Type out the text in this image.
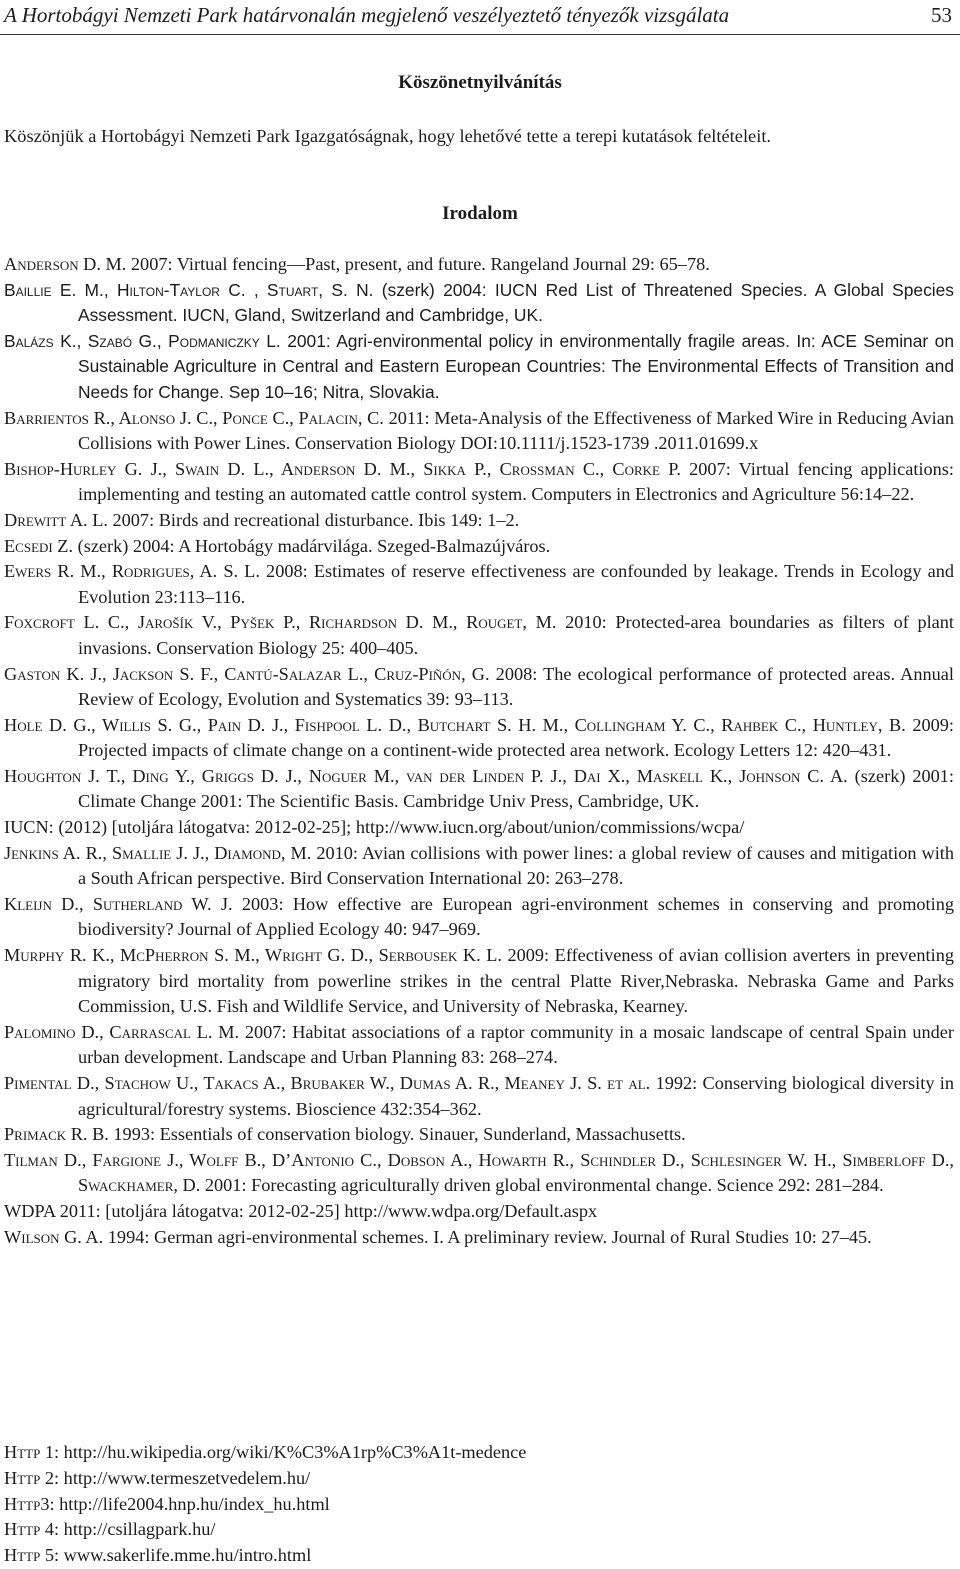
A Hortobágyi Nemzeti Park határvonalán megjelenő veszélyeztető tényezők vizsgálata	53
Köszönetnyilvánítás
Köszönjük a Hortobágyi Nemzeti Park Igazgatóságnak, hogy lehetővé tette a terepi kutatások feltételeit.
Irodalom

Anderson D. M. 2007: Virtual fencing—Past, present, and future. Rangeland Journal 29: 65–78.

Baillie E. M., Hilton-Taylor C. , Stuart, S. N. (szerk) 2004: IUCN Red List of Threatened Species. A Global Species Assessment. IUCN, Gland, Switzerland and Cambridge, UK.

Balázs K., Szabó G., Podmaniczky L. 2001: Agri-environmental policy in environmentally fragile areas. In: ACE Seminar on Sustainable Agriculture in Central and Eastern European Countries: The Environmental Effects of Transition and Needs for Change. Sep 10–16; Nitra, Slovakia.

Barrientos R., Alonso J. C., Ponce C., Palacin, C. 2011: Meta-Analysis of the Effectiveness of Marked Wire in Reducing Avian Collisions with Power Lines. Conservation Biology DOI:10.1111/j.1523-1739 .2011.01699.x

Bishop-Hurley G. J., Swain D. L., Anderson D. M., Sikka P., Crossman C., Corke P. 2007: Virtual fencing applications: implementing and testing an automated cattle control system. Computers in Electronics and Agriculture 56:14–22.

Drewitt A. L. 2007: Birds and recreational disturbance. Ibis 149: 1–2.

Ecsedi Z. (szerk) 2004: A Hortobágy madárvilága. Szeged-Balmazújváros.

Ewers R. M., Rodrigues, A. S. L. 2008: Estimates of reserve effectiveness are confounded by leakage. Trends in Ecology and Evolution 23:113–116.

Foxcroft L. C., Jarošík V., Pyšek P., Richardson D. M., Rouget, M. 2010: Protected-area boundaries as filters of plant invasions. Conservation Biology 25: 400–405.

Gaston K. J., Jackson S. F., Cantú-Salazar L., Cruz-Piñón, G. 2008: The ecological performance of protected areas. Annual Review of Ecology, Evolution and Systematics 39: 93–113.

Hole D. G., Willis S. G., Pain D. J., Fishpool L. D., Butchart S. H. M., Collingham Y. C., Rahbek C., Huntley, B. 2009: Projected impacts of climate change on a continent-wide protected area network. Ecology Letters 12: 420–431.

Houghton J. T., Ding Y., Griggs D. J., Noguer M., van der Linden P. J., Dai X., Maskell K., Johnson C. A. (szerk) 2001: Climate Change 2001: The Scientific Basis. Cambridge Univ Press, Cambridge, UK.

IUCN: (2012) [utoljára látogatva: 2012-02-25]; http://www.iucn.org/about/union/commissions/wcpa/

Jenkins A. R., Smallie J. J., Diamond, M. 2010: Avian collisions with power lines: a global review of causes and mitigation with a South African perspective. Bird Conservation International 20: 263–278.

Kleijn D., Sutherland W. J. 2003: How effective are European agri-environment schemes in conserving and promoting biodiversity? Journal of Applied Ecology 40: 947–969.

Murphy R. K., McPherron S. M., Wright G. D., Serbousek K. L. 2009: Effectiveness of avian collision averters in preventing migratory bird mortality from powerline strikes in the central Platte River,Nebraska. Nebraska Game and Parks Commission, U.S. Fish and Wildlife Service, and University of Nebraska, Kearney.

Palomino D., Carrascal L. M. 2007: Habitat associations of a raptor community in a mosaic landscape of central Spain under urban development. Landscape and Urban Planning 83: 268–274.

Pimental D., Stachow U., Takacs A., Brubaker W., Dumas A. R., Meaney J. S. et al. 1992: Conserving biological diversity in agricultural/forestry systems. Bioscience 432:354–362.

Primack R. B. 1993: Essentials of conservation biology. Sinauer, Sunderland, Massachusetts.

Tilman D., Fargione J., Wolff B., D’Antonio C., Dobson A., Howarth R., Schindler D., Schlesinger W. H., Simberloff D., Swackhamer, D. 2001: Forecasting agriculturally driven global environmental change. Science 292: 281–284.

WDPA 2011: [utoljára látogatva: 2012-02-25] http://www.wdpa.org/Default.aspx

Wilson G. A. 1994: German agri-environmental schemes. I. A preliminary review. Journal of Rural Studies 10: 27–45.

Http 1: http://hu.wikipedia.org/wiki/K%C3%A1rp%C3%A1t-medence
Http 2: http://www.termeszetvedelem.hu/
Http3: http://life2004.hnp.hu/index_hu.html
Http 4: http://csillagpark.hu/
Http 5: www.sakerlife.mme.hu/intro.html
